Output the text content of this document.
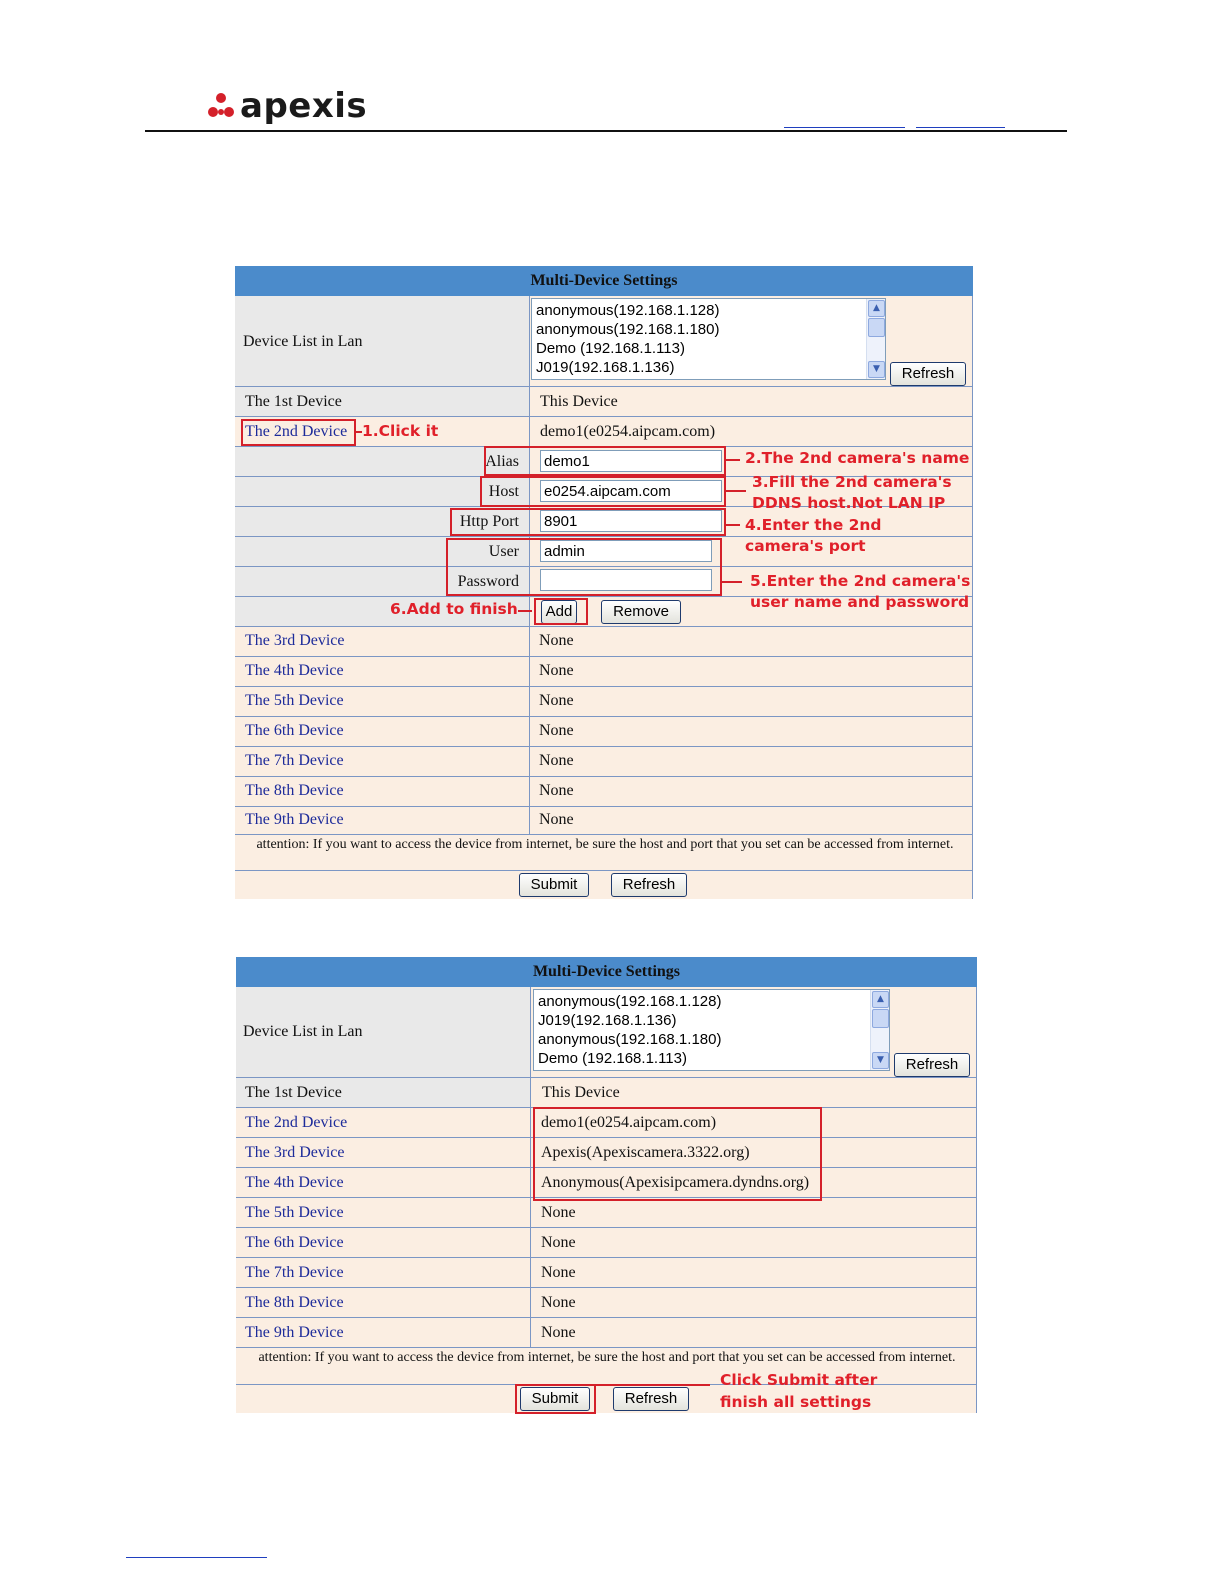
apexis
Multi-Device Settings
Device List in Lan
anonymous(192.168.1.128)
anonymous(192.168.1.180)
Demo (192.168.1.113)
J019(192.168.1.136)
▲
▼	Refresh
The 1st Device	This Device
The 2nd Device	demo1(e0254.aipcam.com)
Alias demo1
Host e0254.aipcam.com
Http Port 8901
User admin
Password
Add	Remove
The 3rd Device	None
The 4th Device	None
The 5th Device	None
The 6th Device	None
The 7th Device	None
The 8th Device	None
The 9th Device	None
attention: If you want to access the device from internet, be sure the host and port that you set can be accessed from internet.
Submit	Refresh
1.Click it
2.The 2nd camera's name
3.Fill the 2nd camera's
DDNS host.Not LAN IP
4.Enter the 2nd
camera's port
5.Enter the 2nd camera's
user name and password
6.Add to finish
Multi-Device Settings
Device List in Lan
anonymous(192.168.1.128)
J019(192.168.1.136)
anonymous(192.168.1.180)
Demo (192.168.1.113)
▲
▼	Refresh
The 1st Device	This Device
The 2nd Device	demo1(e0254.aipcam.com)
The 3rd Device	Apexis(Apexiscamera.3322.org)
The 4th Device	Anonymous(Apexisipcamera.dyndns.org)
The 5th Device	None
The 6th Device	None
The 7th Device	None
The 8th Device	None
The 9th Device	None
attention: If you want to access the device from internet, be sure the host and port that you set can be accessed from internet.
Submit	Refresh
Click Submit after
finish all settings
